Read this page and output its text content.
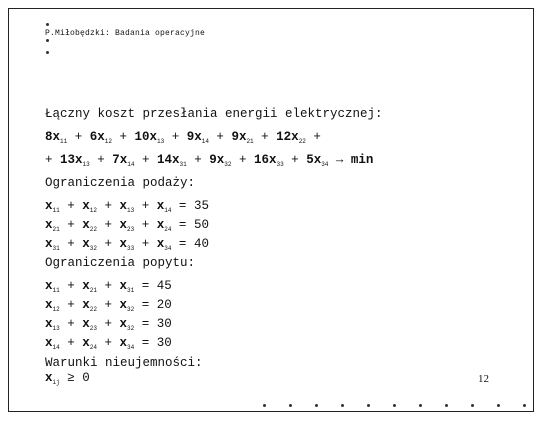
P.Miłobędzki: Badania operacyjne
Łączny koszt przesłania energii elektrycznej:
$8x_{11} + 6x_{12} + 10x_{13} + 9x_{14} + 9x_{21} + 12x_{22}$ +
+ $13x_{13} + 7x_{14} + 14x_{31} + 9x_{32} + 16x_{33} + 5x_{34} \to \min$
Ograniczenia podaży:
$x_{11} + x_{12} + x_{13} + x_{14} = 35$
$x_{21} + x_{22} + x_{23} + x_{24} = 50$
$x_{31} + x_{32} + x_{33} + x_{34} = 40$
Ograniczenia popytu:
$x_{11} + x_{21} + x_{31} = 45$
$x_{12} + x_{22} + x_{32} = 20$
$x_{13} + x_{23} + x_{32} = 30$
$x_{14} + x_{24} + x_{34} = 30$
Warunki nieujemności:
$x_{ij} \ge 0$	12
